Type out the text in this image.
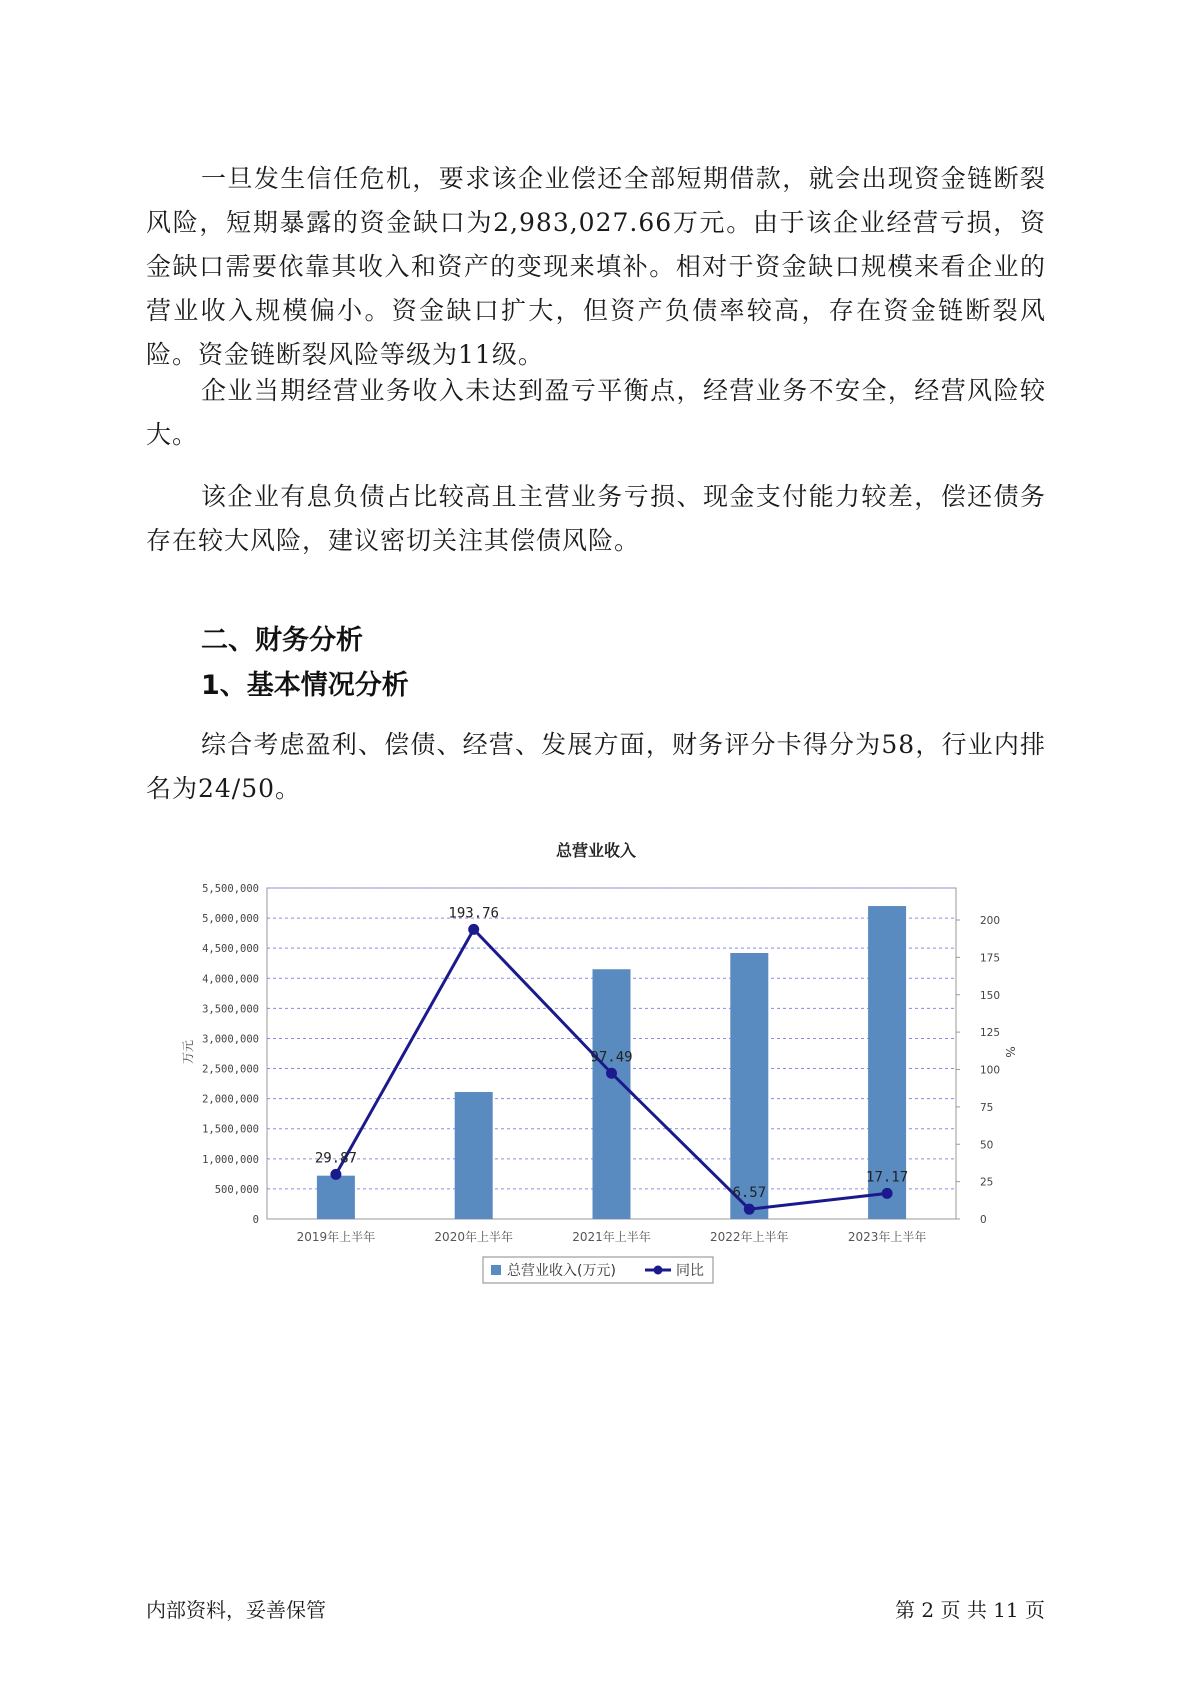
一旦发生信任危机，要求该企业偿还全部短期借款，就会出现资金链断裂风险，短期暴露的资金缺口为2,983,027.66万元。由于该企业经营亏损，资金缺口需要依靠其收入和资产的变现来填补。相对于资金缺口规模来看企业的营业收入规模偏小。资金缺口扩大，但资产负债率较高，存在资金链断裂风险。资金链断裂风险等级为11级。

企业当期经营业务收入未达到盈亏平衡点，经营业务不安全，经营风险较大。

该企业有息负债占比较高且主营业务亏损、现金支付能力较差，偿还债务存在较大风险，建议密切关注其偿债风险。

二、财务分析
1、基本情况分析

综合考虑盈利、偿债、经营、发展方面，财务评分卡得分为58，行业内排名为24/50。

总营业收入
0
500,000
1,000,000
1,500,000
2,000,000
2,500,000
3,000,000
3,500,000
4,000,000
4,500,000
5,000,000
5,500,000
0
25
50
75
100
125
150
175
200
万元	%
2019年上半年	2020年上半年	2021年上半年	2022年上半年	2023年上半年
29.87
193.76
97.49
6.57
17.17
总营业收入(万元)	同比
内部资料，妥善保管	第 2 页 共 11 页
